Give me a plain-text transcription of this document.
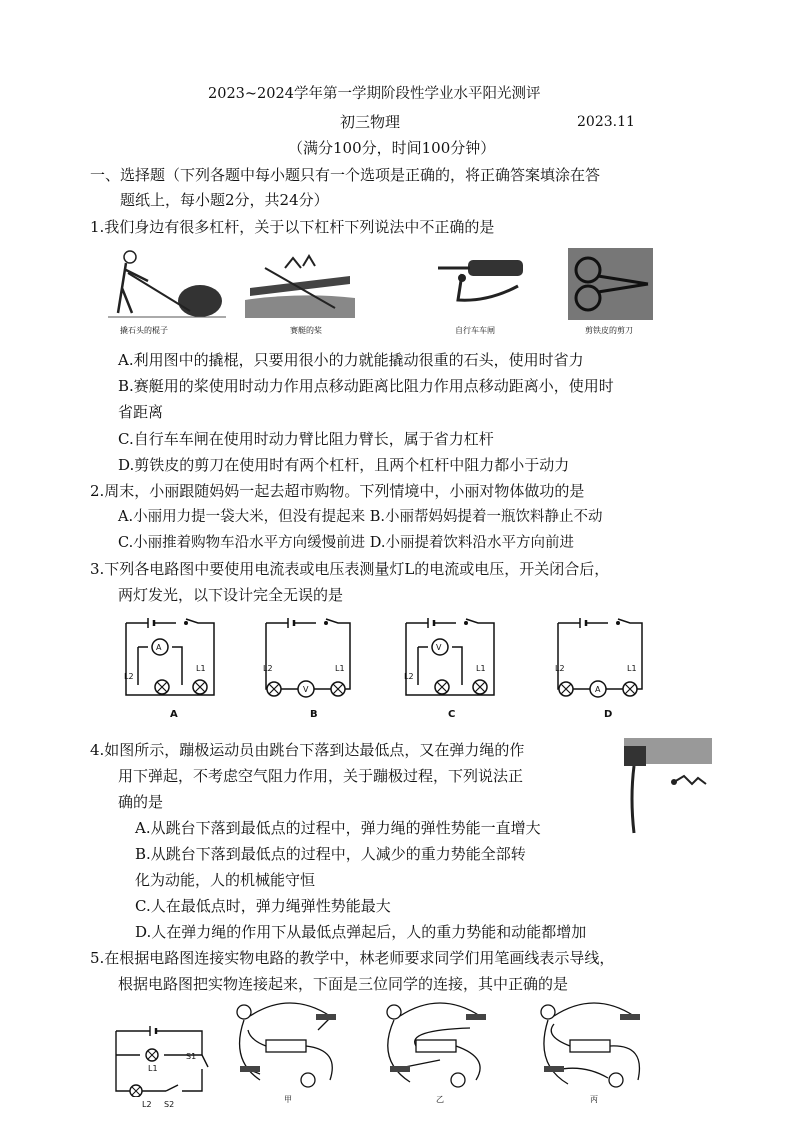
2023~2024学年第一学期阶段性学业水平阳光测评
初三物理	2023.11
（满分100分，时间100分钟）
一、选择题（下列各题中每小题只有一个选项是正确的，将正确答案填涂在答
题纸上，每小题2分，共24分）
1.我们身边有很多杠杆，关于以下杠杆下列说法中不正确的是
撬石头的棍子	赛艇的桨	自行车车闸	剪铁皮的剪刀
A.利用图中的撬棍，只要用很小的力就能撬动很重的石头，使用时省力
B.赛艇用的桨使用时动力作用点移动距离比阻力作用点移动距离小，使用时
省距离
C.自行车车闸在使用时动力臂比阻力臂长，属于省力杠杆
D.剪铁皮的剪刀在使用时有两个杠杆，且两个杠杆中阻力都小于动力
2.周末，小丽跟随妈妈一起去超市购物。下列情境中，小丽对物体做功的是
A.小丽用力提一袋大米，但没有提起来 B.小丽帮妈妈提着一瓶饮料静止不动
C.小丽推着购物车沿水平方向缓慢前进 D.小丽提着饮料沿水平方向前进
3.下列各电路图中要使用电流表或电压表测量灯L的电流或电压，开关闭合后，
两灯发光，以下设计完全无误的是
A
L2
L1
A
V
L2	L1
B
V
L2
L1
C
A
L2	L1
D
4.如图所示，蹦极运动员由跳台下落到达最低点，又在弹力绳的作
用下弹起，不考虑空气阻力作用，关于蹦极过程，下列说法正
确的是
A.从跳台下落到最低点的过程中，弹力绳的弹性势能一直增大
B.从跳台下落到最低点的过程中，人减少的重力势能全部转
化为动能，人的机械能守恒
C.人在最低点时，弹力绳弹性势能最大
D.人在弹力绳的作用下从最低点弹起后，人的重力势能和动能都增加
5.在根据电路图连接实物电路的教学中，林老师要求同学们用笔画线表示导线，
根据电路图把实物连接起来，下面是三位同学的连接，其中正确的是
S1
L1
L2 S2
甲	乙	丙
